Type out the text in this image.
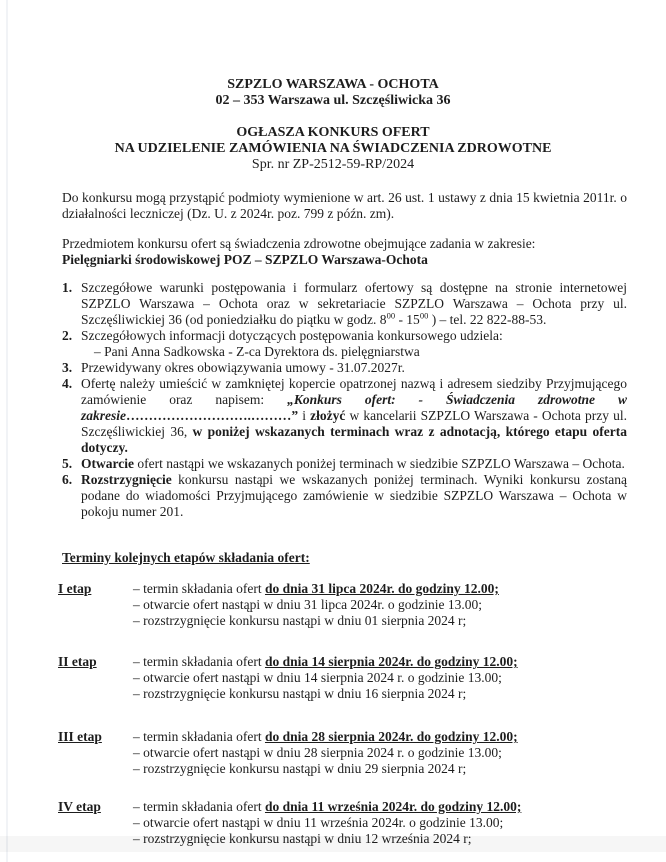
SZPZLO WARSZAWA - OCHOTA
02 – 353 Warszawa ul. Szczęśliwicka 36
OGŁASZA KONKURS OFERT
NA UDZIELENIE ZAMÓWIENIA NA ŚWIADCZENIA ZDROWOTNE
Spr. nr ZP-2512-59-RP/2024
Do konkursu mogą przystąpić podmioty wymienione w art. 26 ust. 1 ustawy z dnia 15 kwietnia 2011r. o działalności leczniczej (Dz. U. z 2024r. poz. 799 z późn. zm).
Przedmiotem konkursu ofert są świadczenia zdrowotne obejmujące zadania w zakresie:
Pielęgniarki środowiskowej POZ – SZPZLO Warszawa-Ochota
1. Szczegółowe warunki postępowania i formularz ofertowy są dostępne na stronie internetowej SZPZLO Warszawa – Ochota oraz w sekretariacie SZPZLO Warszawa – Ochota przy ul. Szczęśliwickiej 36 (od poniedziałku do piątku w godz. $8^{00} - 15^{00}$ ) – tel. 22 822-88-53.
2. Szczegółowych informacji dotyczących postępowania konkursowego udziela:
– Pani Anna Sadkowska - Z-ca Dyrektora ds. pielęgniarstwa
3. Przewidywany okres obowiązywania umowy - 31.07.2027r.
4. Ofertę należy umieścić w zamkniętej kopercie opatrzonej nazwą i adresem siedziby Przyjmującego zamówienie oraz napisem: „Konkurs ofert: - Świadczenia zdrowotne w zakresie……………………….………” i złożyć w kancelarii SZPZLO Warszawa - Ochota przy ul. Szczęśliwickiej 36, w poniżej wskazanych terminach wraz z adnotacją, którego etapu oferta dotyczy.
5. Otwarcie ofert nastąpi we wskazanych poniżej terminach w siedzibie SZPZLO Warszawa – Ochota.
6. Rozstrzygnięcie konkursu nastąpi we wskazanych poniżej terminach. Wyniki konkursu zostaną podane do wiadomości Przyjmującego zamówienie w siedzibie SZPZLO Warszawa – Ochota w pokoju numer 201.
Terminy kolejnych etapów składania ofert:
I etap	– termin składania ofert do dnia 31 lipca 2024r. do godziny 12.00;
– otwarcie ofert nastąpi w dniu 31 lipca 2024r. o godzinie 13.00;
– rozstrzygnięcie konkursu nastąpi w dniu 01 sierpnia 2024 r;
II etap	– termin składania ofert do dnia 14 sierpnia 2024r. do godziny 12.00;
– otwarcie ofert nastąpi w dniu 14 sierpnia 2024 r. o godzinie 13.00;
– rozstrzygnięcie konkursu nastąpi w dniu 16 sierpnia 2024 r;
III etap	– termin składania ofert do dnia 28 sierpnia 2024r. do godziny 12.00;
– otwarcie ofert nastąpi w dniu 28 sierpnia 2024 r. o godzinie 13.00;
– rozstrzygnięcie konkursu nastąpi w dniu 29 sierpnia 2024 r;
IV etap	– termin składania ofert do dnia 11 września 2024r. do godziny 12.00;
– otwarcie ofert nastąpi w dniu 11 września 2024r. o godzinie 13.00;
– rozstrzygnięcie konkursu nastąpi w dniu 12 września 2024 r;
